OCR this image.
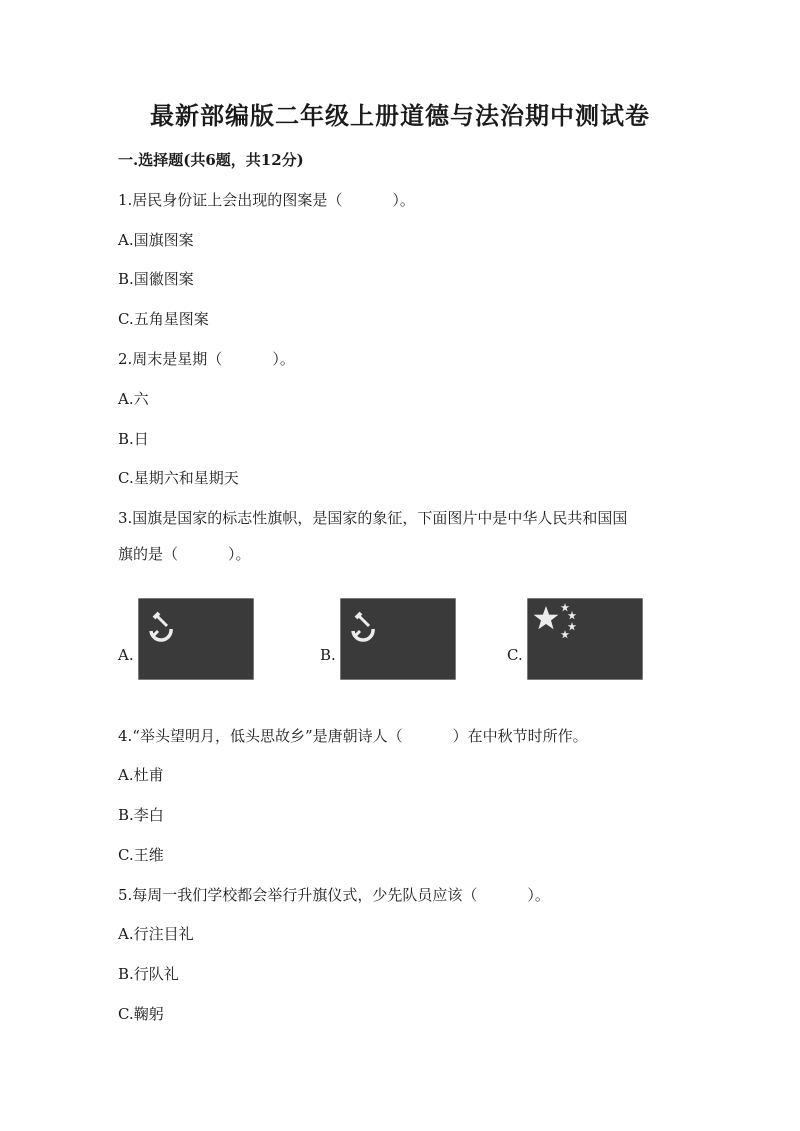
最新部编版二年级上册道德与法治期中测试卷
一.选择题(共6题，共12分)
1.居民身份证上会出现的图案是（	）。
A.国旗图案
B.国徽图案
C.五角星图案
2.周末是星期（	）。
A.六
B.日
C.星期六和星期天
3.国旗是国家的标志性旗帜，是国家的象征，下面图片中是中华人民共和国国
旗的是（	）。
A.	B.	C.
4.“举头望明月，低头思故乡”是唐朝诗人（	）在中秋节时所作。
A.杜甫
B.李白
C.王维
5.每周一我们学校都会举行升旗仪式，少先队员应该（	）。
A.行注目礼
B.行队礼
C.鞠躬
